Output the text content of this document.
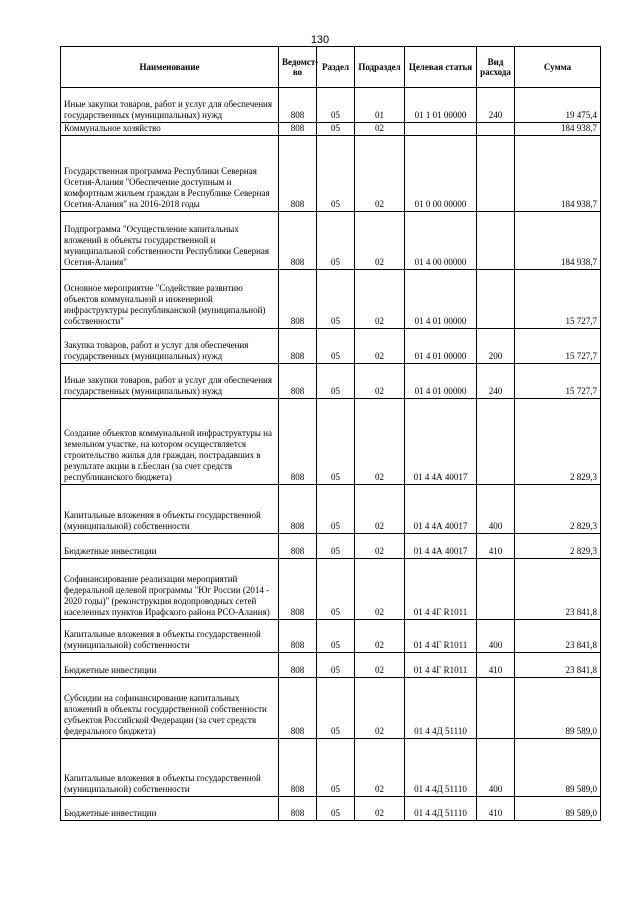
130
Наименование	Ведомст-во	Раздел	Подраздел	Целевая статья	Вид расхода	Сумма
Иные закупки товаров, работ и услуг для обеспечения государственных (муниципальных) нужд	808	05	01	01 1 01 00000	240	19 475,4
Коммунальное хозяйство	808	05	02			184 938,7
Государственная программа Республики Северная Осетия-Алания "Обеспечение доступным и комфортным жильем граждан в Республике Северная Осетия-Алания" на 2016-2018 годы	808	05	02	01 0 00 00000		184 938,7
Подпрограмма "Осуществление капитальных вложений в объекты государственной и муниципальной собственности Республики Северная Осетия-Алания"	808	05	02	01 4 00 00000		184 938,7
Основное мероприятие "Содействие развитию объектов коммунальной и инженерной инфраструктуры республиканской (муниципальной) собственности"	808	05	02	01 4 01 00000		15 727,7
Закупка товаров, работ и услуг для обеспечения государственных (муниципальных) нужд	808	05	02	01 4 01 00000	200	15 727,7
Иные закупки товаров, работ и услуг для обеспечения государственных (муниципальных) нужд	808	05	02	01 4 01 00000	240	15 727,7
Создание объектов коммунальной инфраструктуры на земельном участке, на котором осуществляется строительство жилья для граждан, пострадавших в результате акции в г.Беслан (за счет средств республиканского бюджета)	808	05	02	01 4 4А 40017		2 829,3
Капитальные вложения в объекты государственной (муниципальной) собственности	808	05	02	01 4 4А 40017	400	2 829,3
Бюджетные инвестиции	808	05	02	01 4 4А 40017	410	2 829,3
Софинансирование реализации мероприятий федеральной целевой программы "Юг России (2014 - 2020 годы)" (реконструкция водопроводных сетей населенных пунктов Ирафского района РСО-Алания)	808	05	02	01 4 4Г R1011		23 841,8
Капитальные вложения в объекты государственной (муниципальной) собственности	808	05	02	01 4 4Г R1011	400	23 841,8
Бюджетные инвестиции	808	05	02	01 4 4Г R1011	410	23 841,8
Субсидии на софинансирование капитальных вложений в объекты государственной собственности субъектов Российской Федерации (за счет средств федерального бюджета)	808	05	02	01 4 4Д 51110		89 589,0
Капитальные вложения в объекты государственной (муниципальной) собственности	808	05	02	01 4 4Д 51110	400	89 589,0
Бюджетные инвестиции	808	05	02	01 4 4Д 51110	410	89 589,0
